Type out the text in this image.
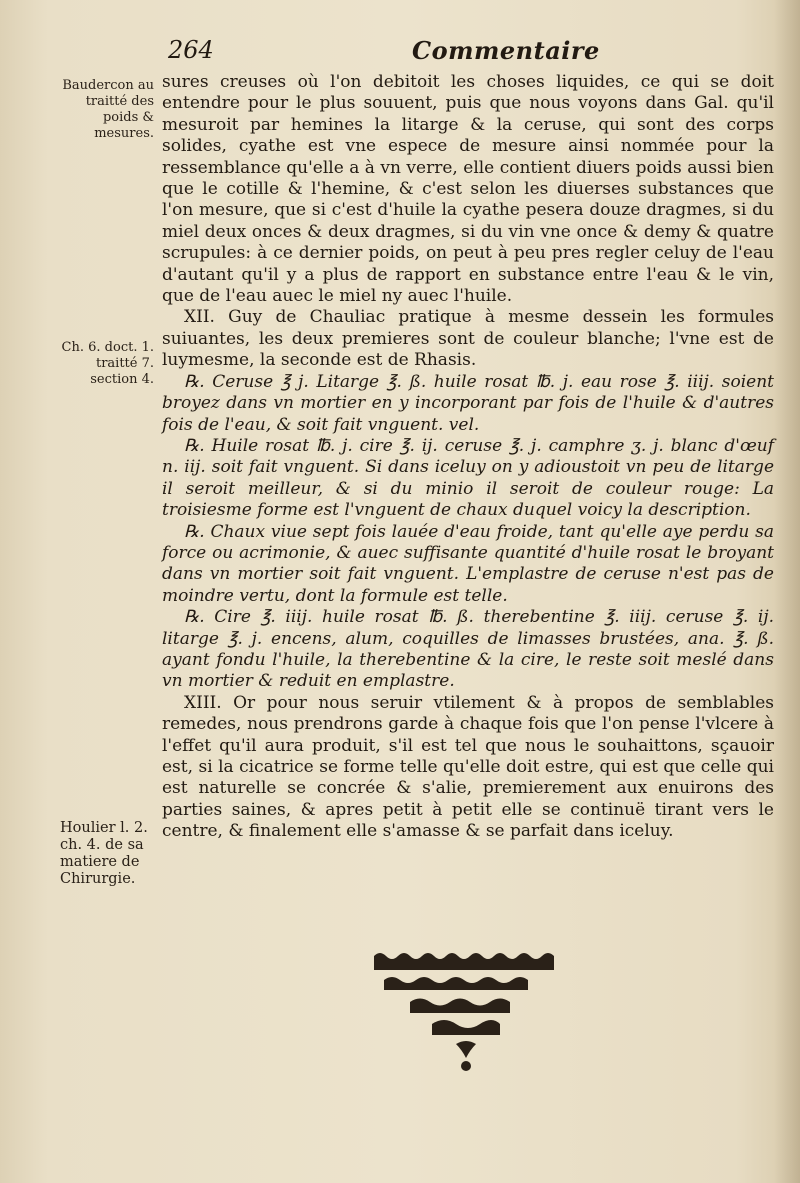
264	Commentaire
Baudercon au traitté des poids & mesures.
Ch. 6. doct. 1. traitté 7. section 4.
Houlier l. 2. ch. 4. de sa matiere de Chirurgie.

sures creuses où l'on debitoit les choses liquides, ce qui se doit entendre pour le plus souuent, puis que nous voyons dans Gal. qu'il mesuroit par hemines la litarge & la ceruse, qui sont des corps solides, cyathe est vne espece de mesure ainsi nommée pour la ressemblance qu'elle a à vn verre, elle contient diuers poids aussi bien que le cotille & l'hemine, & c'est selon les diuerses substances que l'on mesure, que si c'est d'huile la cyathe pesera douze dragmes, si du miel deux onces & deux dragmes, si du vin vne once & demy & quatre scrupules: à ce dernier poids, on peut à peu pres regler celuy de l'eau d'autant qu'il y a plus de rapport en substance entre l'eau & le vin, que de l'eau auec le miel ny auec l'huile.

XII. Guy de Chauliac pratique à mesme dessein les formules suiuantes, les deux premieres sont de couleur blanche; l'vne est de luymesme, la seconde est de Rhasis.

℞. Ceruse ℥ j. Litarge ℥. ß. huile rosat ℔. j. eau rose ℥. iiij. soient broyez dans vn mortier en y incorporant par fois de l'huile & d'autres fois de l'eau, & soit fait vnguent. vel.

℞. Huile rosat ℔. j. cire ℥. ij. ceruse ℥. j. camphre ʒ. j. blanc d'œuf n. iij. soit fait vnguent. Si dans iceluy on y adioustoit vn peu de litarge il seroit meilleur, & si du minio il seroit de couleur rouge: La troisiesme forme est l'vnguent de chaux duquel voicy la description.

℞. Chaux viue sept fois lauée d'eau froide, tant qu'elle aye perdu sa force ou acrimonie, & auec suffisante quantité d'huile rosat le broyant dans vn mortier soit fait vnguent. L'emplastre de ceruse n'est pas de moindre vertu, dont la formule est telle.

℞. Cire ℥. iiij. huile rosat ℔. ß. therebentine ℥. iiij. ceruse ℥. ij. litarge ℥. j. encens, alum, coquilles de limasses brustées, ana. ℥. ß. ayant fondu l'huile, la therebentine & la cire, le reste soit meslé dans vn mortier & reduit en emplastre.

XIII. Or pour nous seruir vtilement & à propos de semblables remedes, nous prendrons garde à chaque fois que l'on pense l'vlcere à l'effet qu'il aura produit, s'il est tel que nous le souhaittons, sçauoir est, si la cicatrice se forme telle qu'elle doit estre, qui est que celle qui est naturelle se concrée & s'alie, premierement aux enuirons des parties saines, & apres petit à petit elle se continuë tirant vers le centre, & finalement elle s'amasse & se parfait dans iceluy.
